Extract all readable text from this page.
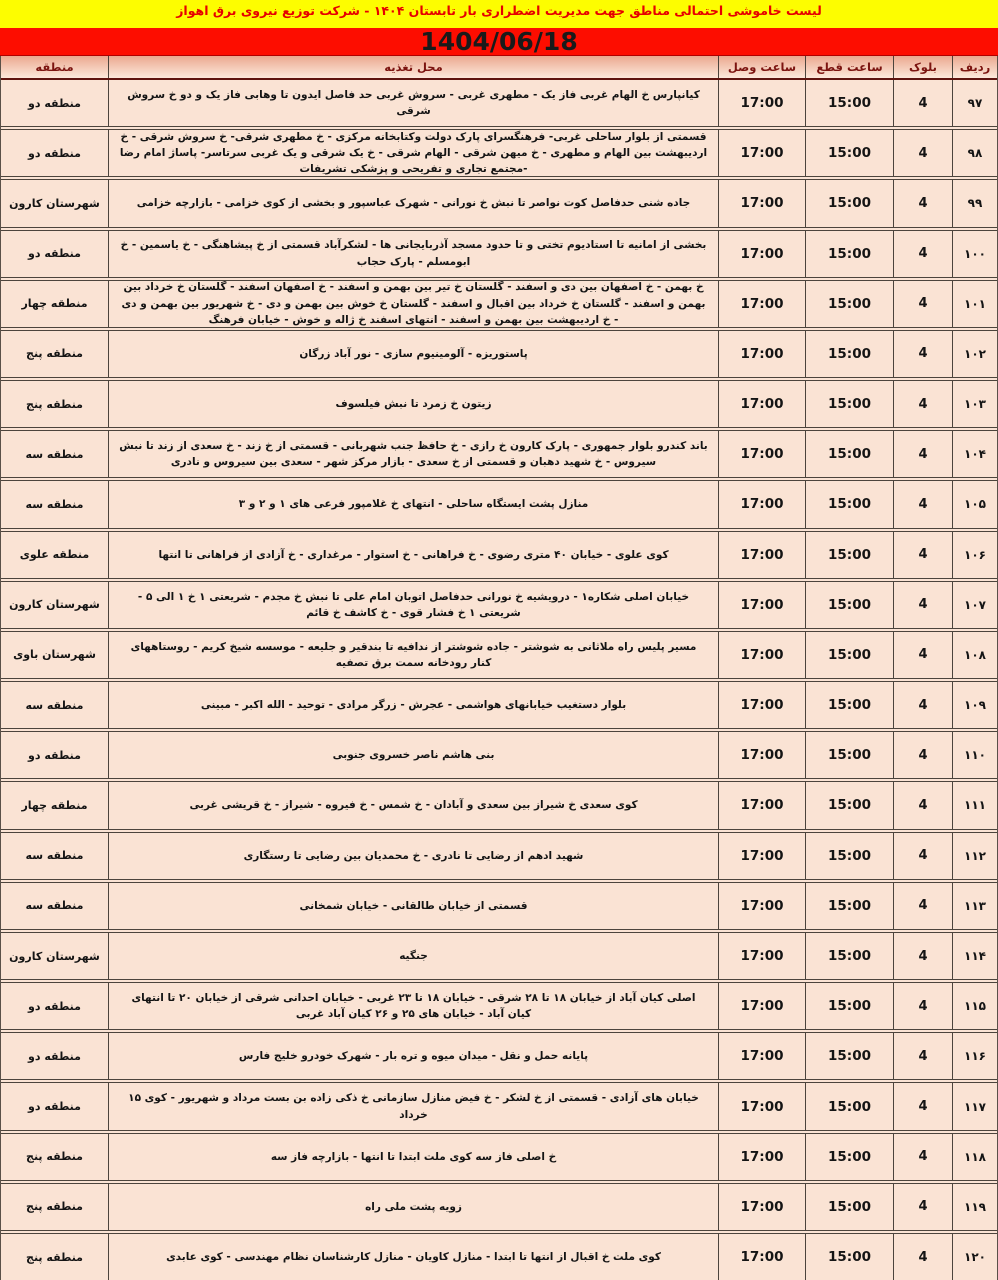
لیست خاموشی احتمالی مناطق جهت مدیریت اضطراری بار تابستان ۱۴۰۴ - شرکت توزیع نیروی برق اهواز
1404/06/18
ردیف
بلوک
ساعت قطع
ساعت وصل
محل تغذیه
منطقه
۹۷
4
15:00
17:00
کیانپارس خ الهام غربی فاز یک - مطهری غربی - سروش غربی حد فاصل ایدون تا وهابی فاز یک و دو خ سروش شرقی
منطقه دو
۹۸
4
15:00
17:00
قسمتی از بلوار ساحلی غربی- فرهنگسرای پارک دولت وکتابخانه مرکزی - خ مطهری شرقی- خ سروش شرقی - خ اردیبهشت بین الهام و مطهری - خ میهن شرقی - الهام شرقی - خ یک شرقی و یک غربی سرتاسر- پاساژ امام رضا -مجتمع تجاری و تفریحی و پزشکی تشریفات
منطقه دو
۹۹
4
15:00
17:00
جاده شنی حدفاصل کوت نواصر تا نبش خ نورانی - شهرک عباسپور و بخشی از کوی خزامی - بازارچه خزامی
شهرستان کارون
۱۰۰
4
15:00
17:00
بخشی از امانیه تا استادیوم تختی و تا حدود مسجد آذربایجانی ها - لشکرآباد قسمتی از خ پیشاهنگی - خ یاسمین - خ ابومسلم - پارک حجاب
منطقه دو
۱۰۱
4
15:00
17:00
خ بهمن - خ اصفهان بین دی و اسفند - گلستان خ تیر بین بهمن و اسفند - خ اصفهان اسفند - گلستان خ خرداد بین بهمن و اسفند - گلستان خ خرداد بین اقبال و اسفند - گلستان خ خوش بین بهمن و دی - خ شهریور بین بهمن و دی - خ اردیبهشت بین بهمن و اسفند - انتهای اسفند خ ژاله و خوش - خیابان فرهنگ
منطقه چهار
۱۰۲
4
15:00
17:00
پاستوریزه - آلومینیوم سازی - نور آباد زرگان
منطقه پنج
۱۰۳
4
15:00
17:00
زیتون خ زمرد تا نبش فیلسوف
منطقه پنج
۱۰۴
4
15:00
17:00
باند کندرو بلوار جمهوری - پارک کارون خ رازی - خ حافظ جنب شهربانی - قسمتی از خ زند - خ سعدی از زند تا نبش سیروس - خ شهید دهبان و قسمتی از خ سعدی - بازار مرکز شهر - سعدی بین سیروس و نادری
منطقه سه
۱۰۵
4
15:00
17:00
منازل پشت ایستگاه ساحلی - انتهای خ غلامپور فرعی های ۱ و ۲ و ۳
منطقه سه
۱۰۶
4
15:00
17:00
کوی علوی - خیابان ۴۰ متری رضوی - خ فراهانی - خ استوار - مرغداری - خ آزادی از فراهانی تا انتها
منطقه علوی
۱۰۷
4
15:00
17:00
خیابان اصلی شکاره۱ - درویشیه خ نورانی حدفاصل اتوبان امام علی تا نبش خ مجدم - شریعتی ۱ خ ۱ الی ۵ - شریعتی ۱ خ فشار قوی - خ کاشف خ قائم
شهرستان کارون
۱۰۸
4
15:00
17:00
مسیر پلیس راه ملاثانی به شوشتر - جاده شوشتر از ندافیه تا بندقیر و جلیعه - موسسه شیخ کریم - روستاههای کنار رودخانه سمت برق تصفیه
شهرستان باوی
۱۰۹
4
15:00
17:00
بلوار دستغیب خیابانهای هواشمی - عجرش - زرگر مرادی - توحید - الله اکبر - مبینی
منطقه سه
۱۱۰
4
15:00
17:00
بنی هاشم ناصر خسروی جنوبی
منطقه دو
۱۱۱
4
15:00
17:00
کوی سعدی خ شیراز بین سعدی و آبادان - خ شمس - خ فیروه - شیراز - خ قریشی غربی
منطقه چهار
۱۱۲
4
15:00
17:00
شهید ادهم از رضایی تا نادری - خ محمدیان بین رضایی تا رستگاری
منطقه سه
۱۱۳
4
15:00
17:00
قسمتی از خیابان طالقانی - خیابان شمخانی
منطقه سه
۱۱۴
4
15:00
17:00
جنگیه
شهرستان کارون
۱۱۵
4
15:00
17:00
اصلی کیان آباد از خیابان ۱۸ تا ۲۸ شرقی - خیابان ۱۸ تا ۲۳ غربی - خیابان احدانی شرقی از خیابان ۲۰ تا انتهای کیان آباد - خیابان های ۲۵ و ۲۶ کیان آباد غربی
منطقه دو
۱۱۶
4
15:00
17:00
پایانه حمل و نقل - میدان میوه و تره بار - شهرک خودرو خلیج فارس
منطقه دو
۱۱۷
4
15:00
17:00
خیابان های آزادی - قسمتی از خ لشکر - خ فیض منازل سازمانی خ ذکی زاده بن بست مرداد و شهریور - کوی ۱۵ خرداد
منطقه دو
۱۱۸
4
15:00
17:00
خ اصلی فاز سه کوی ملت ابتدا تا انتها - بازارچه فاز سه
منطقه پنج
۱۱۹
4
15:00
17:00
زویه پشت ملی راه
منطقه پنج
۱۲۰
4
15:00
17:00
کوی ملت خ اقبال از انتها تا ابتدا - منازل کاویان - منازل کارشناسان نظام مهندسی - کوی عابدی
منطقه پنج
